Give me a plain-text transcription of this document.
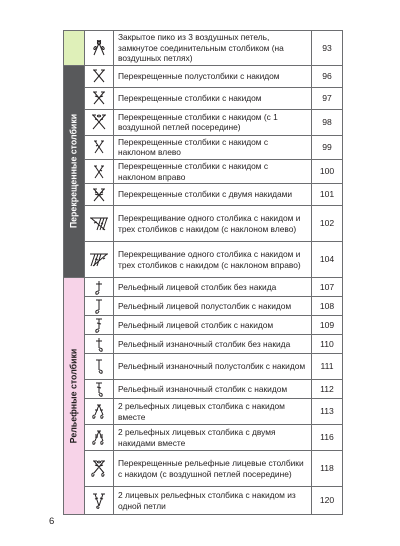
	Закрытое пико из 3 воздушных петель, замкнутое соединительным столбиком (на воздушных петлях)	93

Перекрещенные столбики		Перекрещенные полустолбики с накидом	96

	Перекрещенные столбики с накидом	97

	Перекрещенные столбики с накидом (с 1 воздушной петлей посередине)	98

	Перекрещенные столбики с накидом с наклоном влево	99

	Перекрещенные столбики с накидом с наклоном вправо	100

	Перекрещенные столбики с двумя накидами	101

	Перекрещивание одного столбика с накидом и трех столбиков с накидом (с наклоном влево)	102

	Перекрещивание одного столбика с накидом и трех столбиков с накидом (с наклоном вправо)	104

Рельефные столбики		Рельефный лицевой столбик без накида	107

	Рельефный лицевой полустолбик с накидом	108

	Рельефный лицевой столбик с накидом	109

	Рельефный изнаночный столбик без накида	110

	Рельефный изнаночный полустолбик с накидом	111

	Рельефный изнаночный столбик с накидом	112

	2 рельефных лицевых столбика с накидом вместе	113

	2 рельефных лицевых столбика с двумя накидами вместе	116

	Перекрещенные рельефные лицевые столбики с накидом (с воздушной петлей посередине)	118

	2 лицевых рельефных столбика с накидом из одной петли	120
6
